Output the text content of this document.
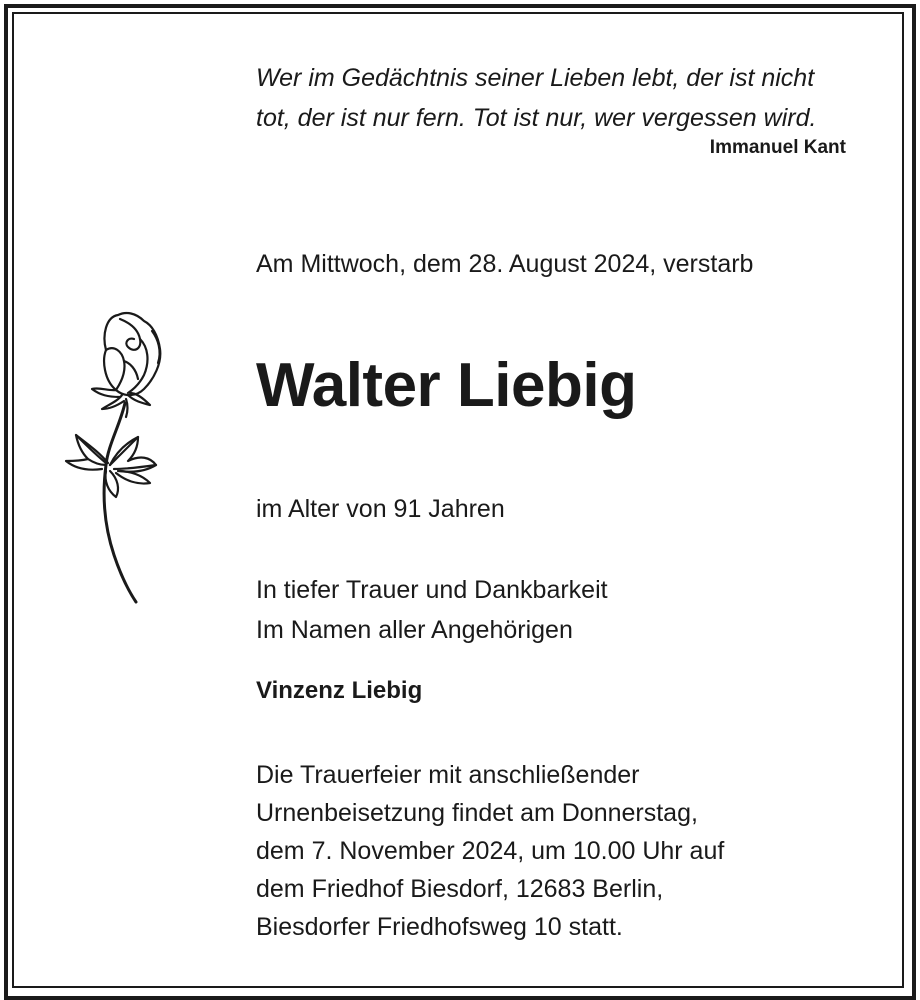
Wer im Gedächtnis seiner Lieben lebt, der ist nicht
tot, der ist nur fern. Tot ist nur, wer vergessen wird.
Immanuel Kant
Am Mittwoch, dem 28. August 2024, verstarb
Walter Liebig
im Alter von 91 Jahren
In tiefer Trauer und Dankbarkeit
Im Namen aller Angehörigen
Vinzenz Liebig
Die Trauerfeier mit anschließender
Urnenbeisetzung findet am Donnerstag,
dem 7. November 2024, um 10.00 Uhr auf
dem Friedhof Biesdorf, 12683 Berlin,
Biesdorfer Friedhofsweg 10 statt.
